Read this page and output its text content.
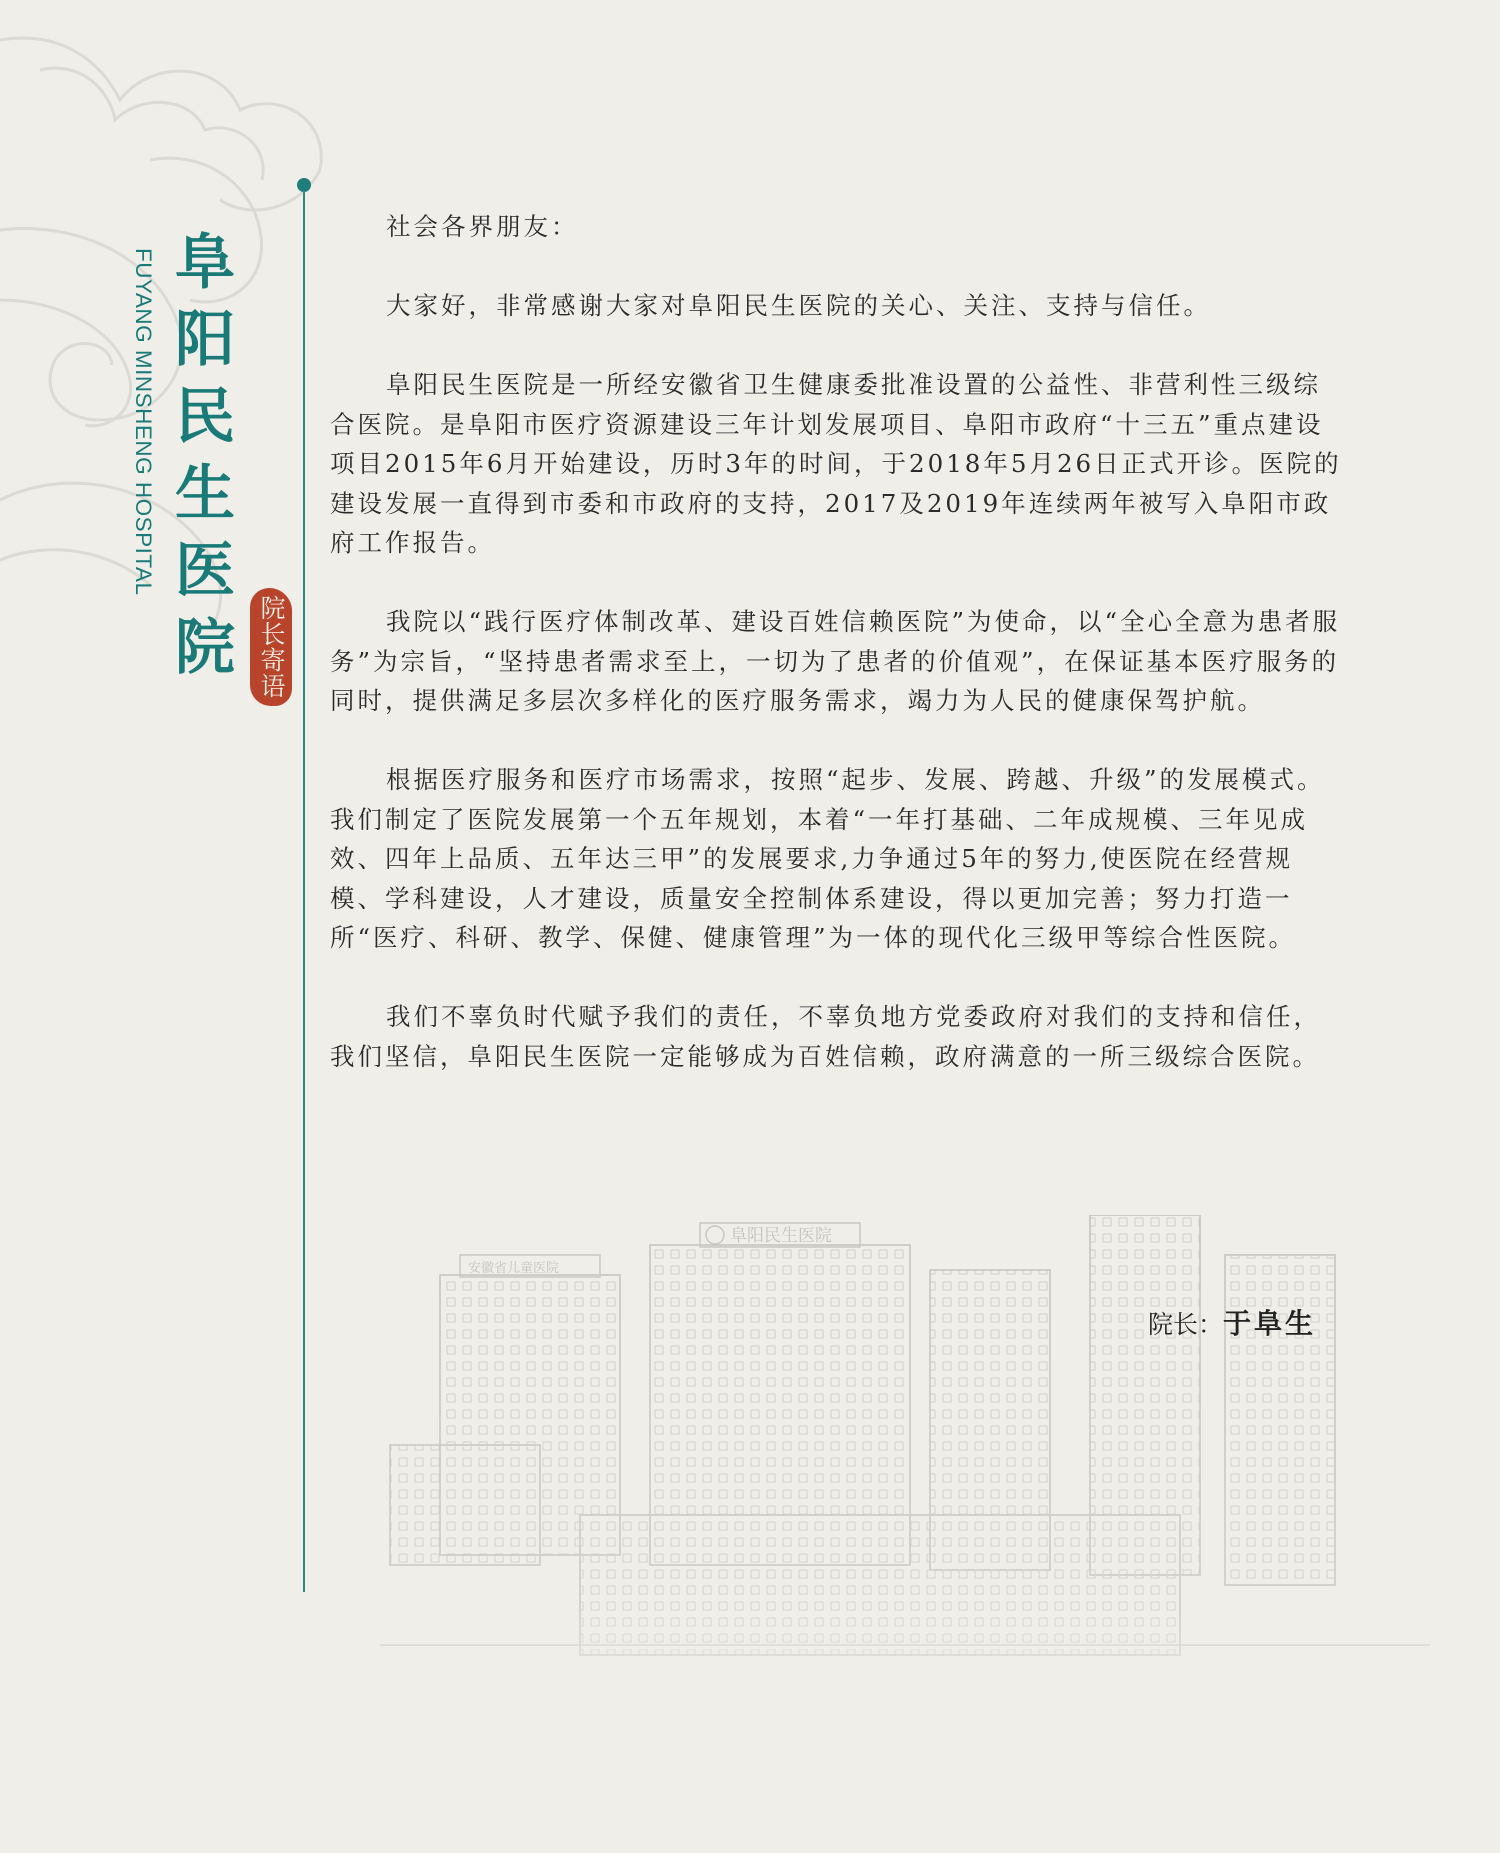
阜
阳
民
生
医
院
FUYANG MINSHENG HOSPITAL
院长寄语

社会各界朋友：

大家好，非常感谢大家对阜阳民生医院的关心、关注、支持与信任。

阜阳民生医院是一所经安徽省卫生健康委批准设置的公益性、非营利性三级综合医院。是阜阳市医疗资源建设三年计划发展项目、阜阳市政府“十三五”重点建设项目2015年6月开始建设，历时3年的时间，于2018年5月26日正式开诊。医院的建设发展一直得到市委和市政府的支持，2017及2019年连续两年被写入阜阳市政府工作报告。

我院以“践行医疗体制改革、建设百姓信赖医院”为使命，以“全心全意为患者服务”为宗旨，“坚持患者需求至上，一切为了患者的价值观”，在保证基本医疗服务的同时，提供满足多层次多样化的医疗服务需求，竭力为人民的健康保驾护航。

根据医疗服务和医疗市场需求，按照“起步、发展、跨越、升级”的发展模式。我们制定了医院发展第一个五年规划，本着“一年打基础、二年成规模、三年见成效、四年上品质、五年达三甲”的发展要求,力争通过5年的努力,使医院在经营规模、学科建设，人才建设，质量安全控制体系建设，得以更加完善；努力打造一所“医疗、科研、教学、保健、健康管理”为一体的现代化三级甲等综合性医院。

我们不辜负时代赋予我们的责任，不辜负地方党委政府对我们的支持和信任，我们坚信，阜阳民生医院一定能够成为百姓信赖，政府满意的一所三级综合医院。

院长：于阜生
